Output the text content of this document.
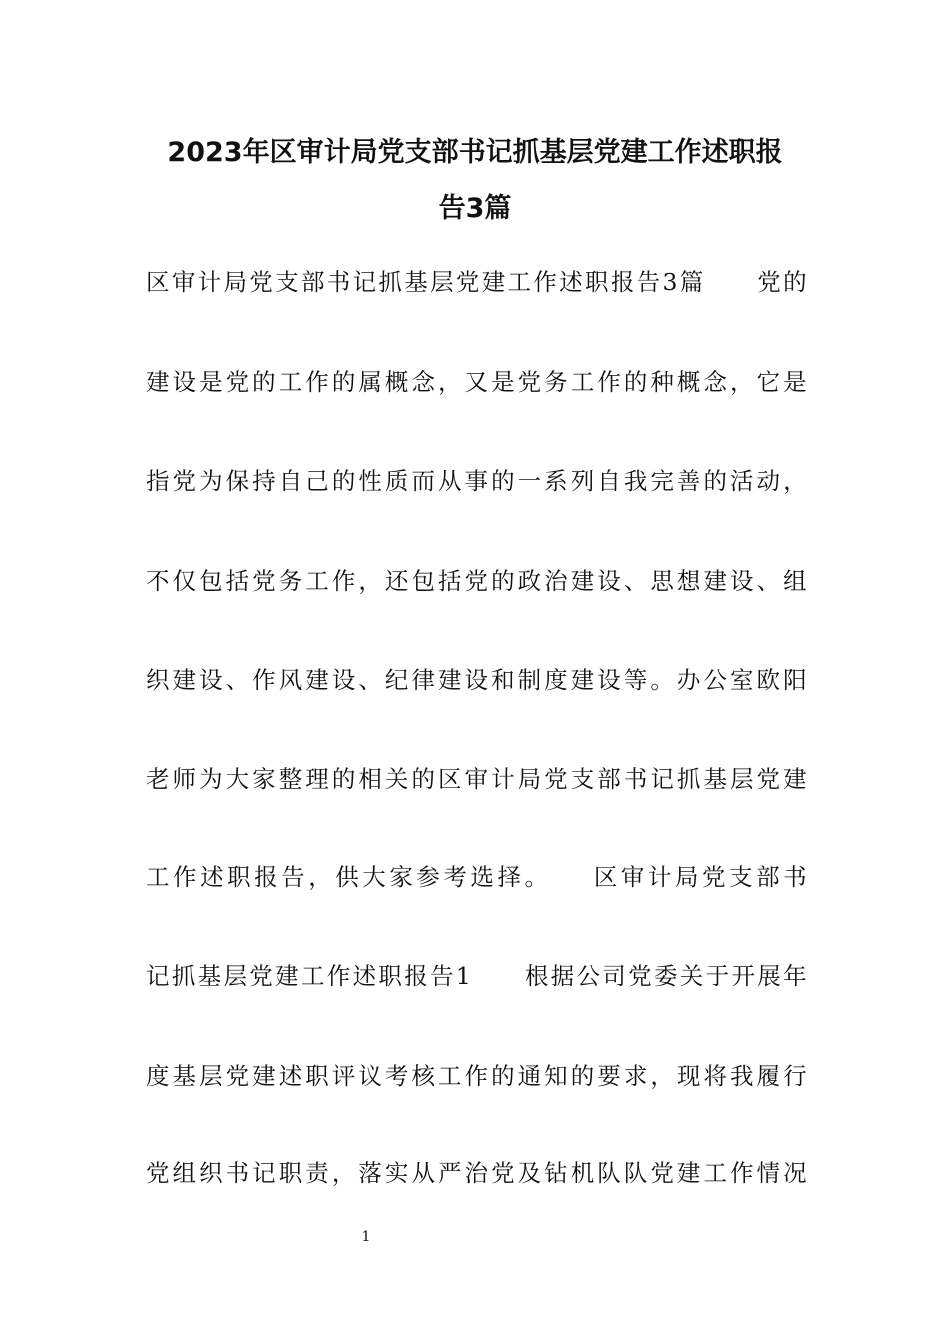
2023年区审计局党支部书记抓基层党建工作述职报
告3篇
区审计局党支部书记抓基层党建工作述职报告3篇　　党的
建设是党的工作的属概念，又是党务工作的种概念，它是
指党为保持自己的性质而从事的一系列自我完善的活动，
不仅包括党务工作，还包括党的政治建设、思想建设、组
织建设、作风建设、纪律建设和制度建设等。办公室欧阳
老师为大家整理的相关的区审计局党支部书记抓基层党建
工作述职报告，供大家参考选择。　　区审计局党支部书
记抓基层党建工作述职报告1　　根据公司党委关于开展年
度基层党建述职评议考核工作的通知的要求，现将我履行
党组织书记职责，落实从严治党及钻机队队党建工作情况
1
